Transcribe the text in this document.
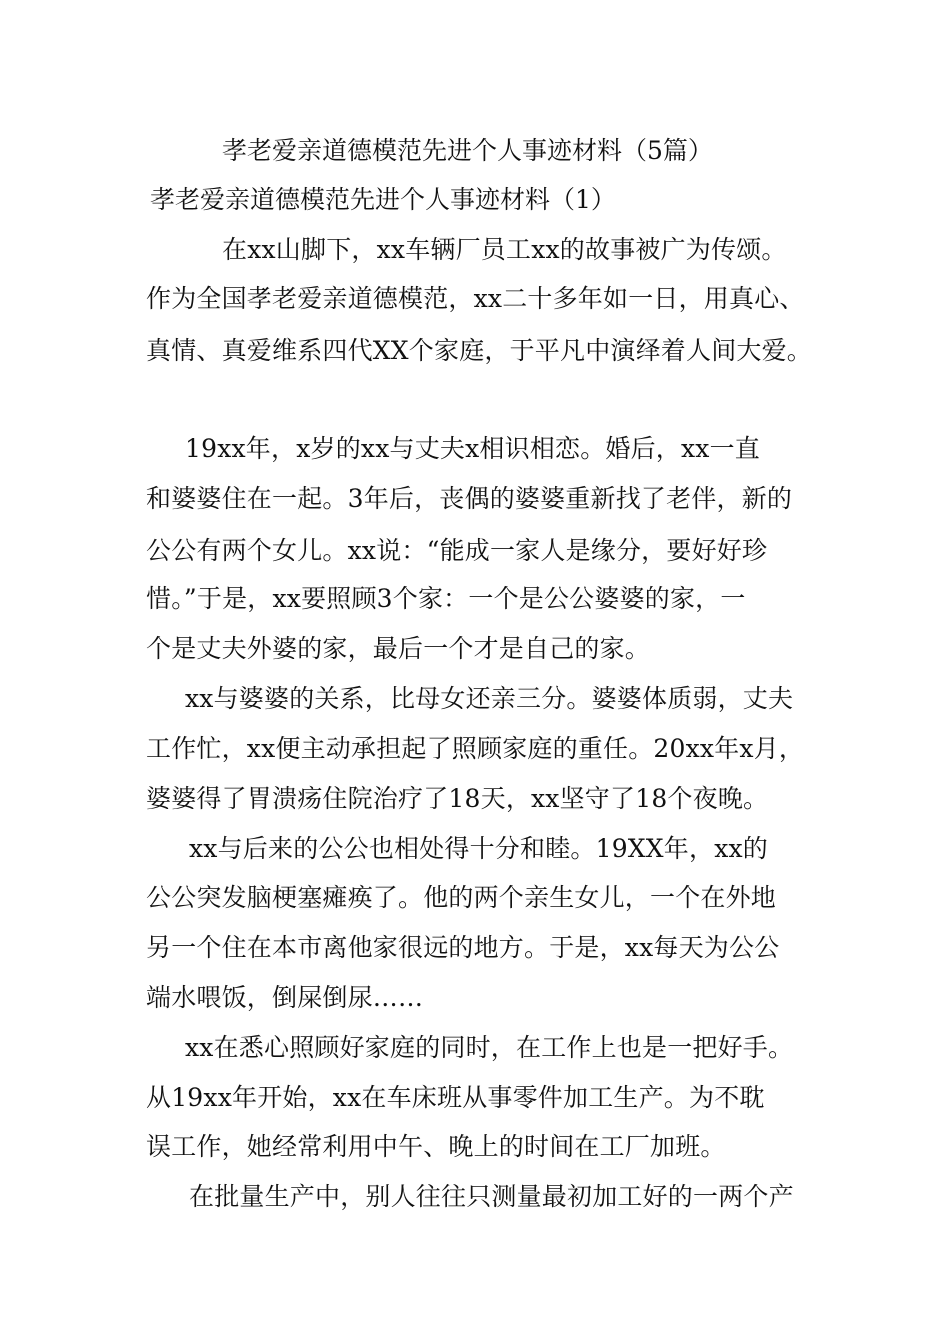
孝老爱亲道德模范先进个人事迹材料（5篇）
孝老爱亲道德模范先进个人事迹材料（1）
在xx山脚下，xx车辆厂员工xx的故事被广为传颂。
作为全国孝老爱亲道德模范，xx二十多年如一日，用真心、
真情、真爱维系四代XX个家庭，于平凡中演绎着人间大爱。
19xx年，x岁的xx与丈夫x相识相恋。婚后，xx一直
和婆婆住在一起。3年后，丧偶的婆婆重新找了老伴，新的
公公有两个女儿。xx说：“能成一家人是缘分，要好好珍
惜。”于是，xx要照顾3个家：一个是公公婆婆的家，一
个是丈夫外婆的家，最后一个才是自己的家。
xx与婆婆的关系，比母女还亲三分。婆婆体质弱，丈夫
工作忙，xx便主动承担起了照顾家庭的重任。20xx年x月，
婆婆得了胃溃疡住院治疗了18天，xx坚守了18个夜晚。
xx与后来的公公也相处得十分和睦。19XX年，xx的
公公突发脑梗塞瘫痪了。他的两个亲生女儿，一个在外地
另一个住在本市离他家很远的地方。于是，xx每天为公公
端水喂饭，倒屎倒尿……
xx在悉心照顾好家庭的同时，在工作上也是一把好手。
从19xx年开始，xx在车床班从事零件加工生产。为不耽
误工作，她经常利用中午、晚上的时间在工厂加班。
在批量生产中，别人往往只测量最初加工好的一两个产
